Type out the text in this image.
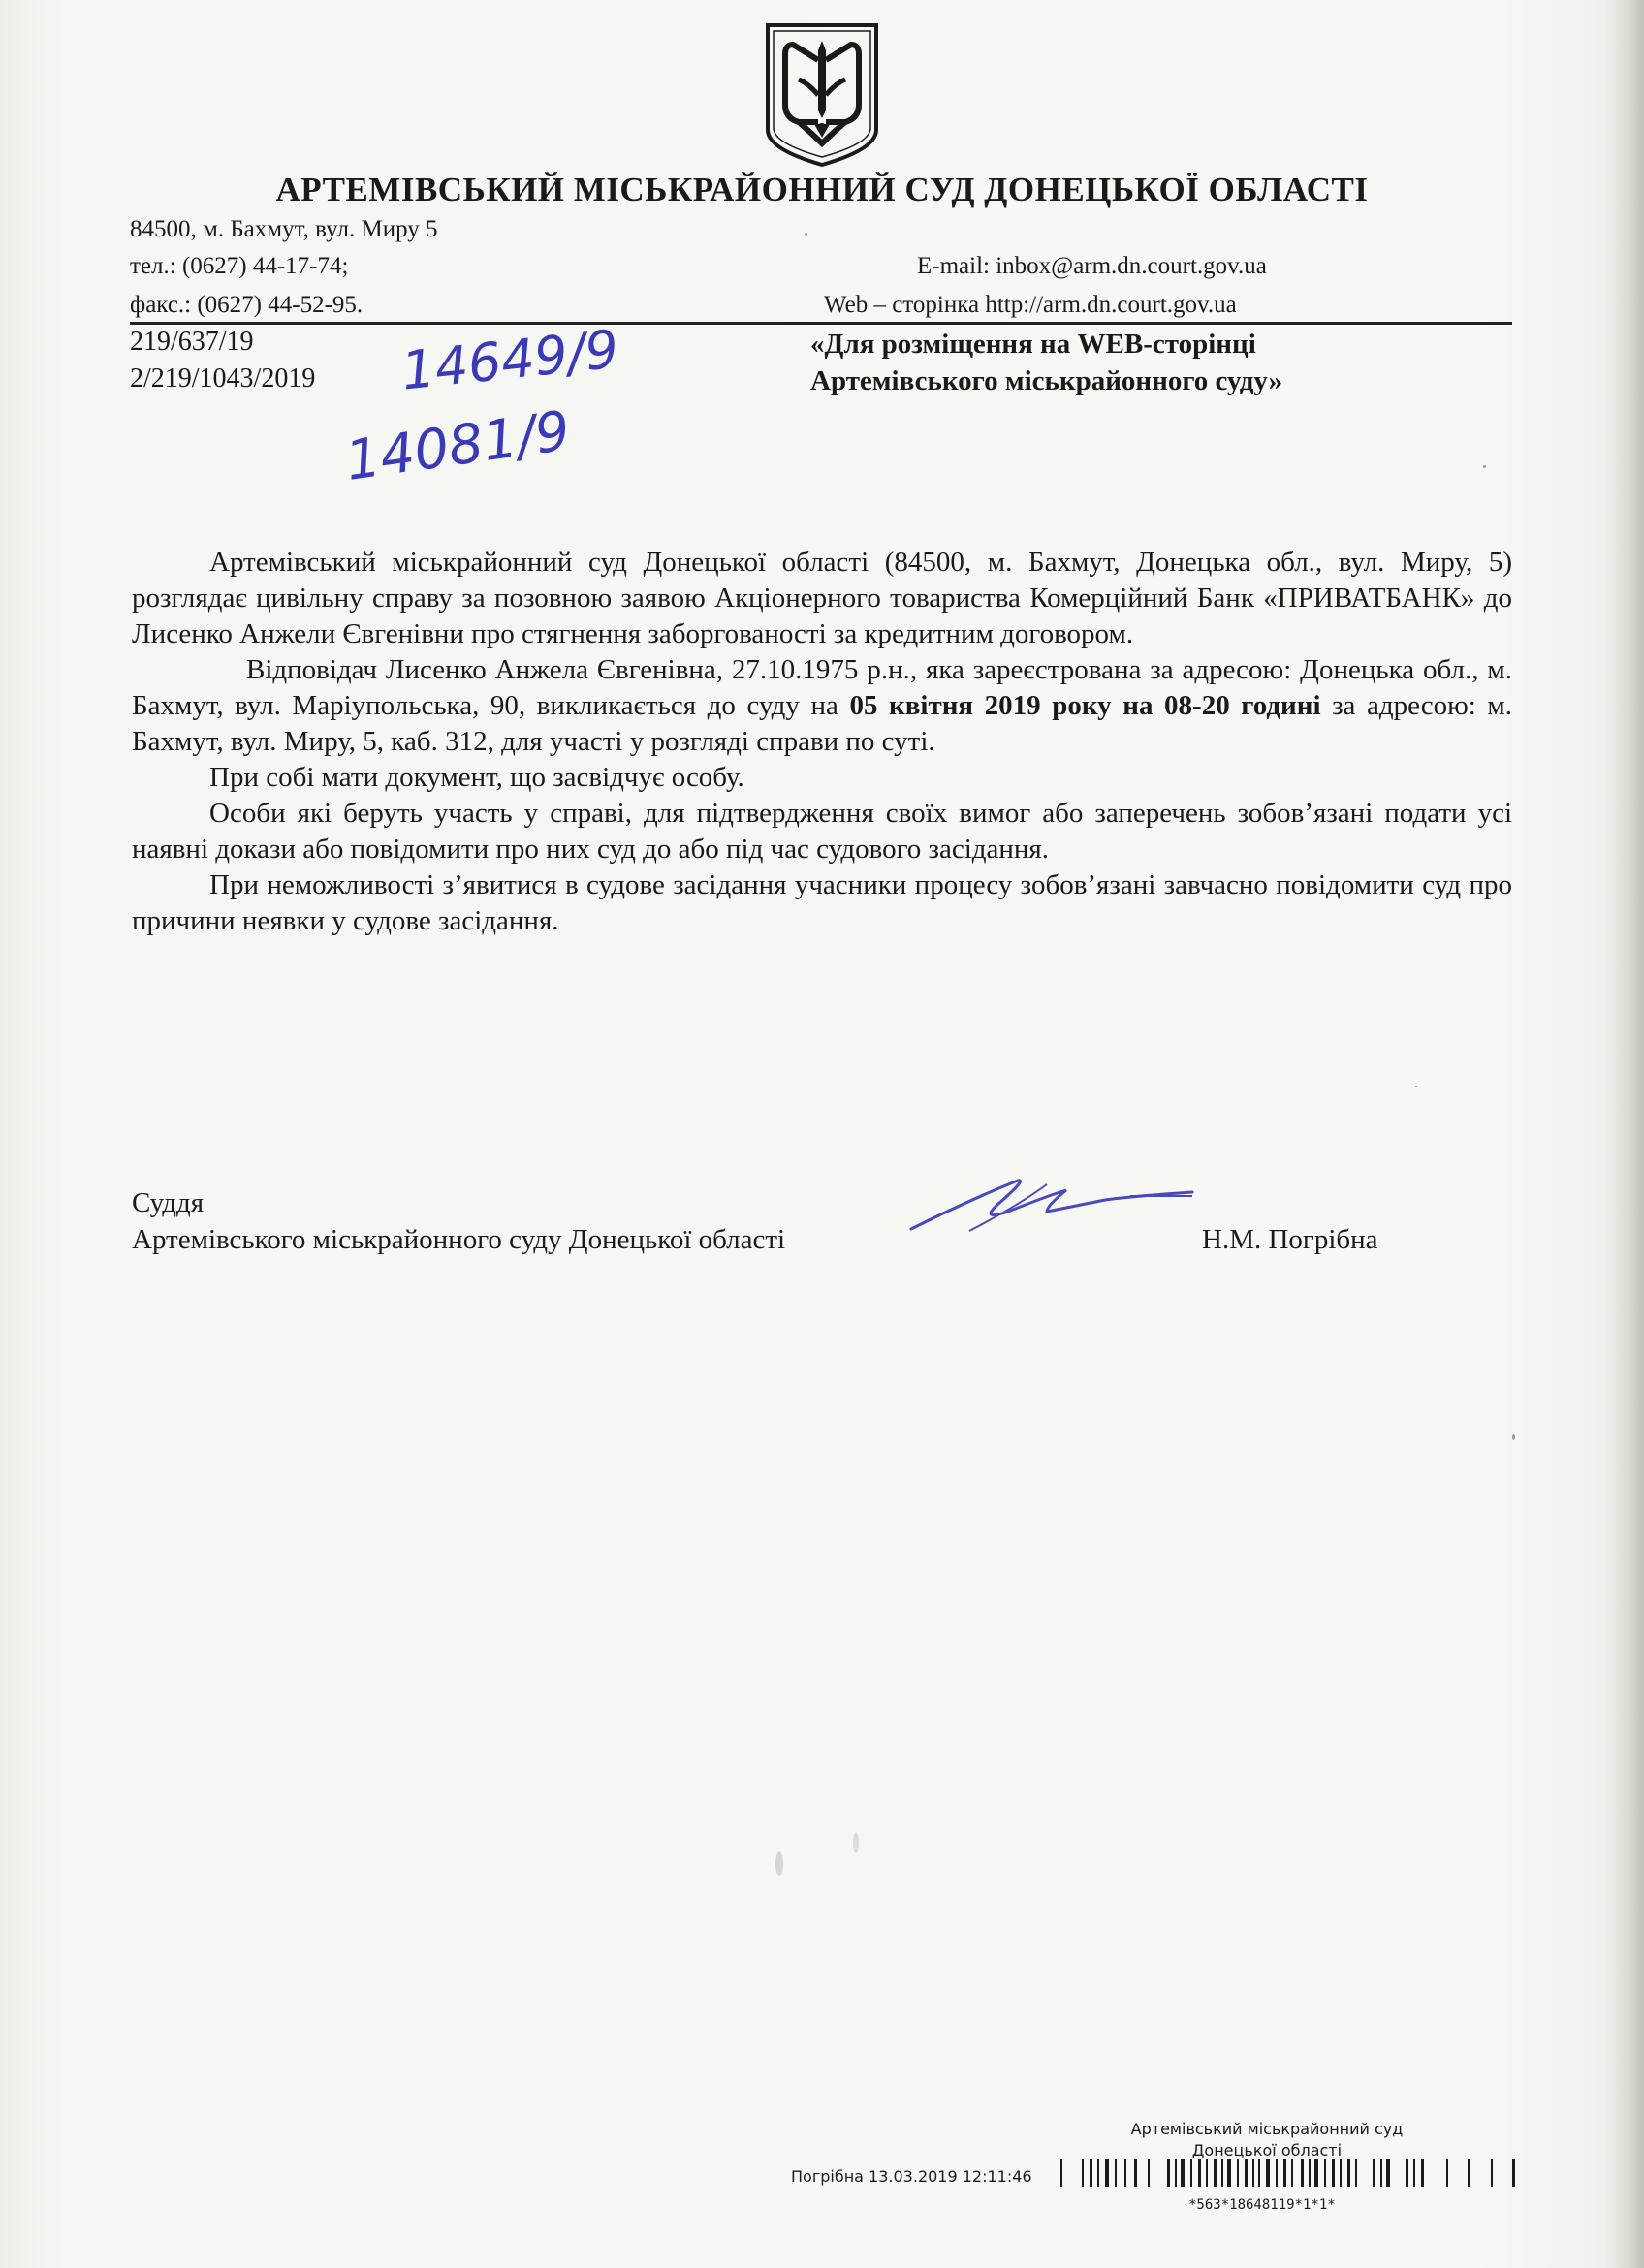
АРТЕМІВСЬКИЙ МІСЬКРАЙОННИЙ СУД ДОНЕЦЬКОЇ ОБЛАСТІ
84500, м. Бахмут, вул. Миру 5
тел.: (0627) 44-17-74;
факс.: (0627) 44-52-95.
E-mail: inbox@arm.dn.court.gov.ua
Web – сторінка http://arm.dn.court.gov.ua
219/637/19
2/219/1043/2019 14649/9
14081/9
«Для розміщення на WEB-сторінці
Артемівського міськрайонного суду»

Артемівський міськрайонний суд Донецької області (84500, м. Бахмут, Донецька обл., вул. Миру, 5) розглядає цивільну справу за позовною заявою Акціонерного товариства Комерційний Банк «ПРИВАТБАНК» до Лисенко Анжели Євгенівни про стягнення заборгованості за кредитним договором.

Відповідач Лисенко Анжела Євгенівна, 27.10.1975 р.н., яка зареєстрована за адресою: Донецька обл., м. Бахмут, вул. Маріупольська, 90, викликається до суду на 05 квітня 2019 року на 08-20 годині за адресою: м. Бахмут, вул. Миру, 5, каб. 312, для участі у розгляді справи по суті.

При собі мати документ, що засвідчує особу.

Особи які беруть участь у справі, для підтвердження своїх вимог або заперечень зобов’язані подати усі наявні докази або повідомити про них суд до або під час судового засідання.

При неможливості з’явитися в судове засідання учасники процесу зобов’язані завчасно повідомити суд про причини неявки у судове засідання.

Суддя
Артемівського міськрайонного суду Донецької області	Н.М. Погрібна
Артемівський міськрайонний суд
Донецької області
Погрібна 13.03.2019 12:11:46
*563*18648119*1*1*
